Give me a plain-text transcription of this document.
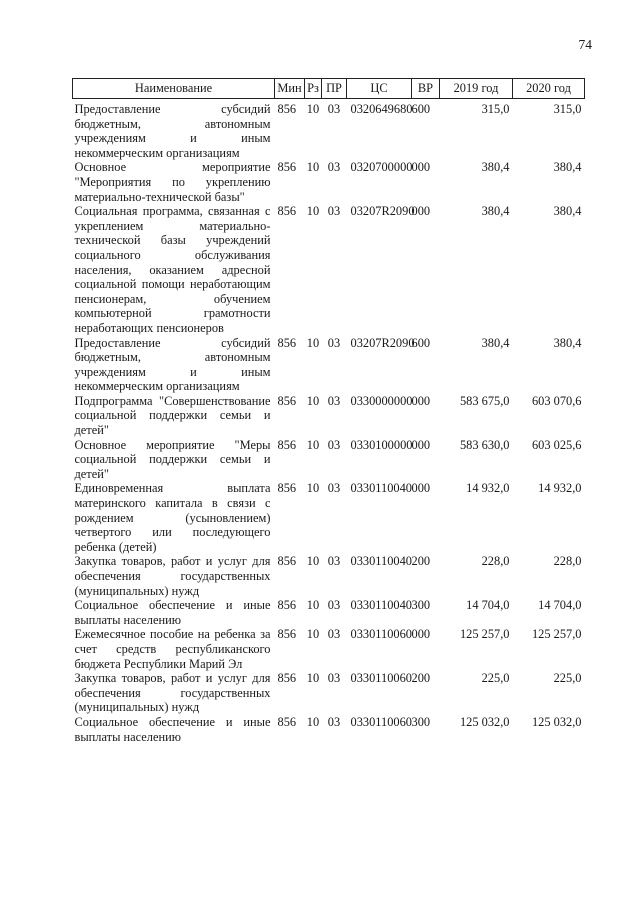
74
Наименование	Мин	Рз	ПР	ЦС	ВР	2019 год	2020 год
Предоставление субсидий бюджетным, автономным учреждениям и иным некоммерческим организациям	856	10	03	0320649680	600	315,0	315,0
Основное мероприятие "Мероприятия по укреплению материально-технической базы"	856	10	03	0320700000	000	380,4	380,4
Социальная программа, связанная с укреплением материально-технической базы учреждений социального обслуживания населения, оказанием адресной социальной помощи неработающим пенсионерам, обучением компьютерной грамотности неработающих пенсионеров	856	10	03	03207R2090	000	380,4	380,4
Предоставление субсидий бюджетным, автономным учреждениям и иным некоммерческим организациям	856	10	03	03207R2090	600	380,4	380,4
Подпрограмма "Совершенствование социальной поддержки семьи и детей"	856	10	03	0330000000	000	583 675,0	603 070,6
Основное мероприятие "Меры социальной поддержки семьи и детей"	856	10	03	0330100000	000	583 630,0	603 025,6
Единовременная выплата материнского капитала в связи с рождением (усыновлением) четвертого или последующего ребенка (детей)	856	10	03	0330110040	000	14 932,0	14 932,0
Закупка товаров, работ и услуг для обеспечения государственных (муниципальных) нужд	856	10	03	0330110040	200	228,0	228,0
Социальное обеспечение и иные выплаты населению	856	10	03	0330110040	300	14 704,0	14 704,0
Ежемесячное пособие на ребенка за счет средств республиканского бюджета Республики Марий Эл	856	10	03	0330110060	000	125 257,0	125 257,0
Закупка товаров, работ и услуг для обеспечения государственных (муниципальных) нужд	856	10	03	0330110060	200	225,0	225,0
Социальное обеспечение и иные выплаты населению	856	10	03	0330110060	300	125 032,0	125 032,0
